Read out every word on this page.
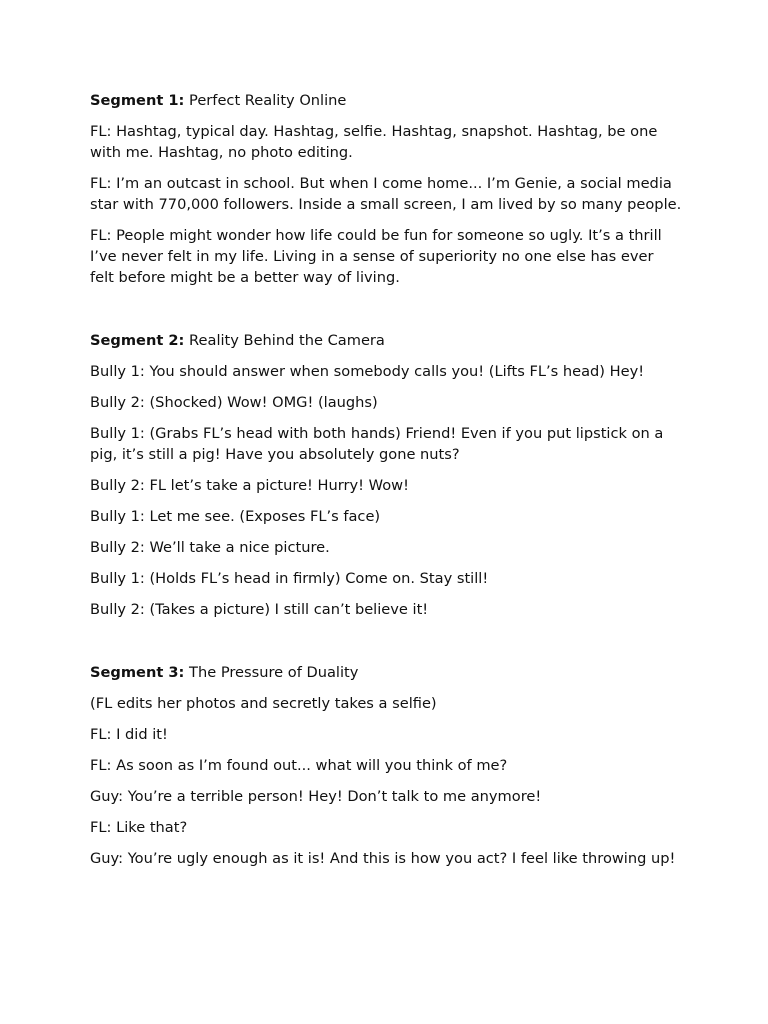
Segment 1: Perfect Reality Online

FL: Hashtag, typical day. Hashtag, selfie. Hashtag, snapshot. Hashtag, be one with me. Hashtag, no photo editing.

FL: I’m an outcast in school. But when I come home... I’m Genie, a social media star with 770,000 followers. Inside a small screen, I am lived by so many people.

FL: People might wonder how life could be fun for someone so ugly. It’s a thrill I’ve never felt in my life. Living in a sense of superiority no one else has ever felt before might be a better way of living.

Segment 2: Reality Behind the Camera

Bully 1: You should answer when somebody calls you! (Lifts FL’s head) Hey!

Bully 2: (Shocked) Wow! OMG! (laughs)

Bully 1: (Grabs FL’s head with both hands) Friend! Even if you put lipstick on a pig, it’s still a pig! Have you absolutely gone nuts?

Bully 2: FL let’s take a picture! Hurry! Wow!

Bully 1: Let me see. (Exposes FL’s face)

Bully 2: We’ll take a nice picture.

Bully 1: (Holds FL’s head in firmly) Come on. Stay still!

Bully 2: (Takes a picture) I still can’t believe it!

Segment 3: The Pressure of Duality

(FL edits her photos and secretly takes a selfie)

FL: I did it!

FL: As soon as I’m found out... what will you think of me?

Guy: You’re a terrible person! Hey! Don’t talk to me anymore!

FL: Like that?

Guy: You’re ugly enough as it is! And this is how you act? I feel like throwing up!
